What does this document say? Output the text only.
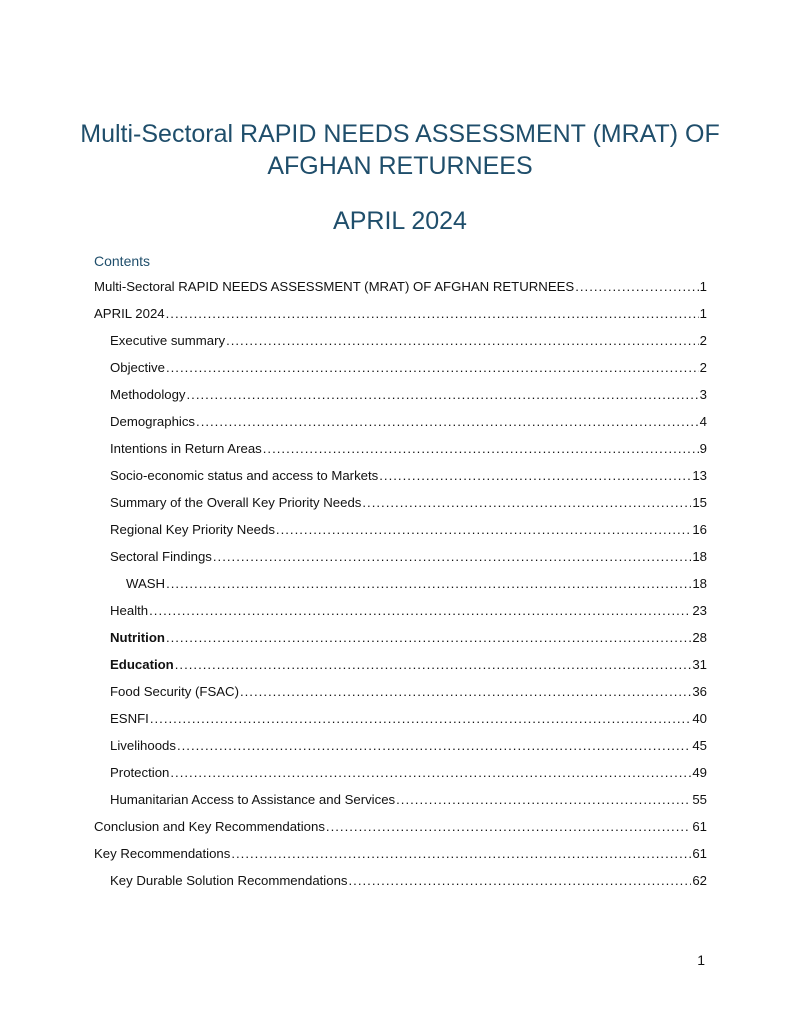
Multi-Sectoral RAPID NEEDS ASSESSMENT (MRAT) OF AFGHAN RETURNEES
APRIL 2024
Contents
Multi-Sectoral RAPID NEEDS ASSESSMENT (MRAT) OF AFGHAN RETURNEES .....	1
APRIL 2024 .....	1
Executive summary .....	2
Objective .....	2
Methodology .....	3
Demographics .....	4
Intentions in Return Areas .....	9
Socio-economic status and access to Markets .....	13
Summary of the Overall Key Priority Needs .....	15
Regional Key Priority Needs .....	16
Sectoral Findings .....	18
WASH .....	18
Health .....	23
Nutrition .....	28
Education .....	31
Food Security (FSAC) .....	36
ESNFI .....	40
Livelihoods .....	45
Protection .....	49
Humanitarian Access to Assistance and Services .....	55
Conclusion and Key Recommendations .....	61
Key Recommendations .....	61
Key Durable Solution Recommendations .....	62
1
